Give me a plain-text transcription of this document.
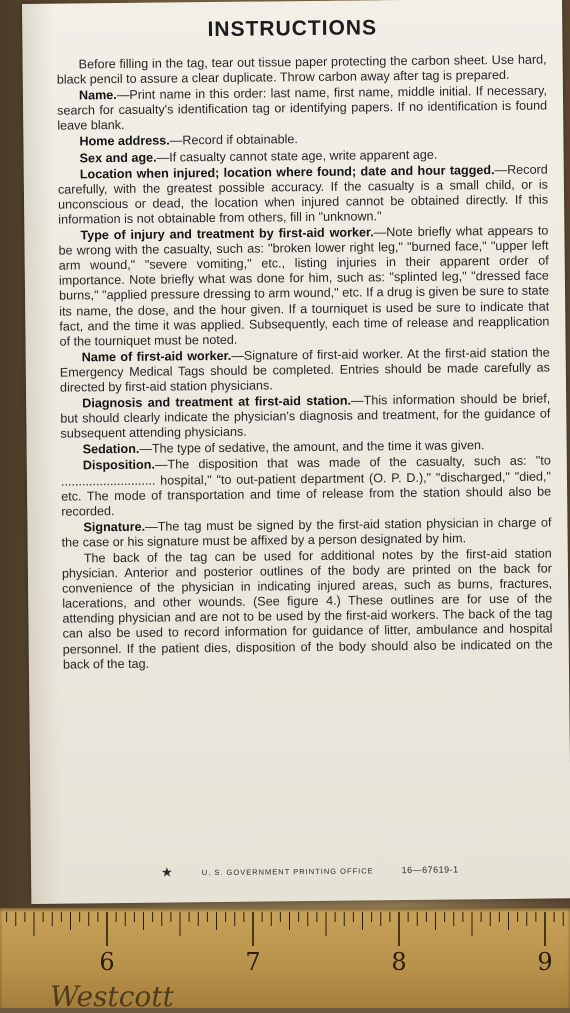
INSTRUCTIONS

Before filling in the tag, tear out tissue paper protecting the carbon sheet. Use hard, black pencil to assure a clear duplicate. Throw carbon away after tag is prepared.

Name.—Print name in this order: last name, first name, middle initial. If necessary, search for casualty's identification tag or identifying papers. If no identification is found leave blank.

Home address.—Record if obtainable.

Sex and age.—If casualty cannot state age, write apparent age.

Location when injured; location where found; date and hour tagged.—Record carefully, with the greatest possible accuracy. If the casualty is a small child, or is unconscious or dead, the location when injured cannot be obtained directly. If this information is not obtainable from others, fill in "unknown."

Type of injury and treatment by first-aid worker.—Note briefly what appears to be wrong with the casualty, such as: "broken lower right leg," "burned face," "upper left arm wound," "severe vomiting," etc., listing injuries in their apparent order of importance. Note briefly what was done for him, such as: "splinted leg," "dressed face burns," "applied pressure dressing to arm wound," etc. If a drug is given be sure to state its name, the dose, and the hour given. If a tourniquet is used be sure to indicate that fact, and the time it was applied. Subsequently, each time of release and reapplication of the tourniquet must be noted.

Name of first-aid worker.—Signature of first-aid worker. At the first-aid station the Emergency Medical Tags should be completed. Entries should be made carefully as directed by first-aid station physicians.

Diagnosis and treatment at first-aid station.—This information should be brief, but should clearly indicate the physician's diagnosis and treatment, for the guidance of subsequent attending physicians.

Sedation.—The type of sedative, the amount, and the time it was given.

Disposition.—The disposition that was made of the casualty, such as: "to ........................... hospital," "to out-patient department (O. P. D.)," "discharged," "died," etc. The mode of transportation and time of release from the station should also be recorded.

Signature.—The tag must be signed by the first-aid station physician in charge of the case or his signature must be affixed by a person designated by him.

The back of the tag can be used for additional notes by the first-aid station physician. Anterior and posterior outlines of the body are printed on the back for convenience of the physician in indicating injured areas, such as burns, fractures, lacerations, and other wounds. (See figure 4.) These outlines are for use of the attending physician and are not to be used by the first-aid workers. The back of the tag can also be used to record information for guidance of litter, ambulance and hospital personnel. If the patient dies, disposition of the body should also be indicated on the back of the tag.

★	U. S. GOVERNMENT PRINTING OFFICE	16—67619-1
6	7	8	9
Westcott
